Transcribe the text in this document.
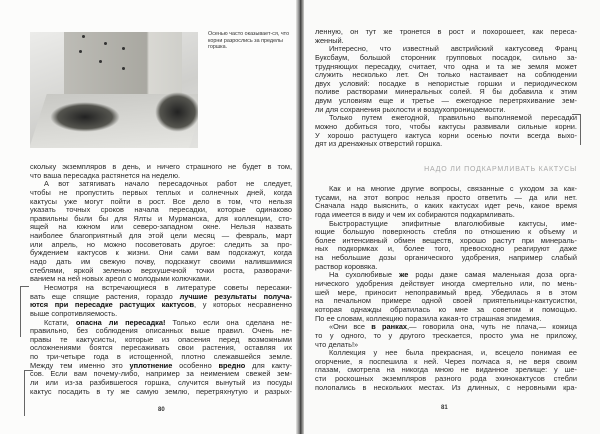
Осенью часто оказывает-ся, что корни разрослись за пределы горшка.
скольку экземпляров в день, и ничего страшного не будет в том,
что ваша пересадка растянется на неделю.
А вот затягивать начало пересадочных работ не следует,
чтобы не пропустить первых теплых и солнечных дней, когда
кактусы уже могут пойти в рост. Все дело в том, что нельзя
указать точных сроков начала пересадки, которые одинаково
правильны были бы для Ялты и Мурманска, для коллекции, сто-
ящей на южном или северо-западном окне. Нельзя назвать
наиболее благоприятный для этой цели месяц — февраль, март
или апрель, но можно посоветовать другое: следить за про-
буждением кактусов к жизни. Они сами вам подскажут, когда
надо дать им свежую почву, подскажут своими налившимися
стеблями, яркой зеленью верхушечной точки роста, разворачи-
ванием на ней новых ареол с молодыми колючками.
Несмотря на встречающиеся в литературе советы пересажи-
вать еще спящие растения, гораздо лучшие результаты получа-
ются при пересадке растущих кактусов, у которых несравненно
выше сопротивляемость.
Кстати, опасна ли пересадка! Только если она сделана не-
правильно, без соблюдения описанных выше правил. Очень не-
правы те кактусисты, которые из опасения перед возможными
осложнениями боятся пересаживать свои растения, оставляя их
по три-четыре года в истощенной, плотно слежавшейся земле.
Между тем именно это уплотнение особенно вредно для какту-
сов. Если вам почему-либо, например за неимением свежей зем-
ли или из-за разбившегося горшка, случится вынутый из посуды
кактус посадить в ту же самую землю, перетряхнутую и разрых-
80
ленную, он тут же тронется в рост и похорошеет, как переса-
женный.
Интересно, что известный австрийский кактусовед Франц
Буксбаум, большой сторонник групповых посадок, сильно за-
трудняющих пересадку, считает, что одна и та же земля может
служить несколько лет. Он только настаивает на соблюдении
двух условий: посадке в непористые горшки и периодическом
поливе растворами минеральных солей. Я бы добавила к этим
двум условиям еще и третье — ежегодное перетряхивание зем-
ли для сохранения рыхлости и воздухопроницаемости.
Только путем ежегодной, правильно выполняемой пересадки
можно добиться того, чтобы кактусы развивали сильные корни.
У хорошо растущего кактуса корни осенью почти всегда выхо-
дят из дренажных отверстий горшка.
Как и на многие другие вопросы, связанные с уходом за как-
тусами, на этот вопрос нельзя просто ответить — да или нет.
Сначала надо выяснить, о каких кактусах идет речь, какое время
года имеется в виду и чем их собираются подкармливать.
Быстрорастущие эпифитные влаголюбивые кактусы, име-
ющие большую поверхность стебля по отношению к объему и
более интенсивный обмен веществ, хорошо растут при минераль-
ных подкормках и, более того, превосходно реагируют даже
на небольшие дозы органического удобрения, например слабый
раствор коровяка.
На сухолюбивые же роды даже самая маленькая доза орга-
нического удобрения действует иногда смертельно или, по мень-
шей мере, приносит непоправимый вред. Убедилась я в этом
на печальном примере одной своей приятельницы-кактусистки,
которая однажды обратилась ко мне за советом и помощью.
По ее словам, коллекцию поразила какая-то страшная эпидемия.
«Они все в ранках,— говорила она, чуть не плача,— кожица
то у одного, то у другого трескается, просто ума не приложу,
что делать!»
Коллекция у нее была прекрасная, и, всецело понимая ее
огорчение, я поспешила к ней. Через полчаса я, не веря своим
глазам, смотрела на никогда мною не виданное зрелище: у ше-
сти роскошных экземпляров разного рода эхинокактусов стебли
полопались в нескольких местах. Из длинных, с неровными кра-
81
НАДО ЛИ ПОДКАРМЛИВАТЬ КАКТУСЫ
